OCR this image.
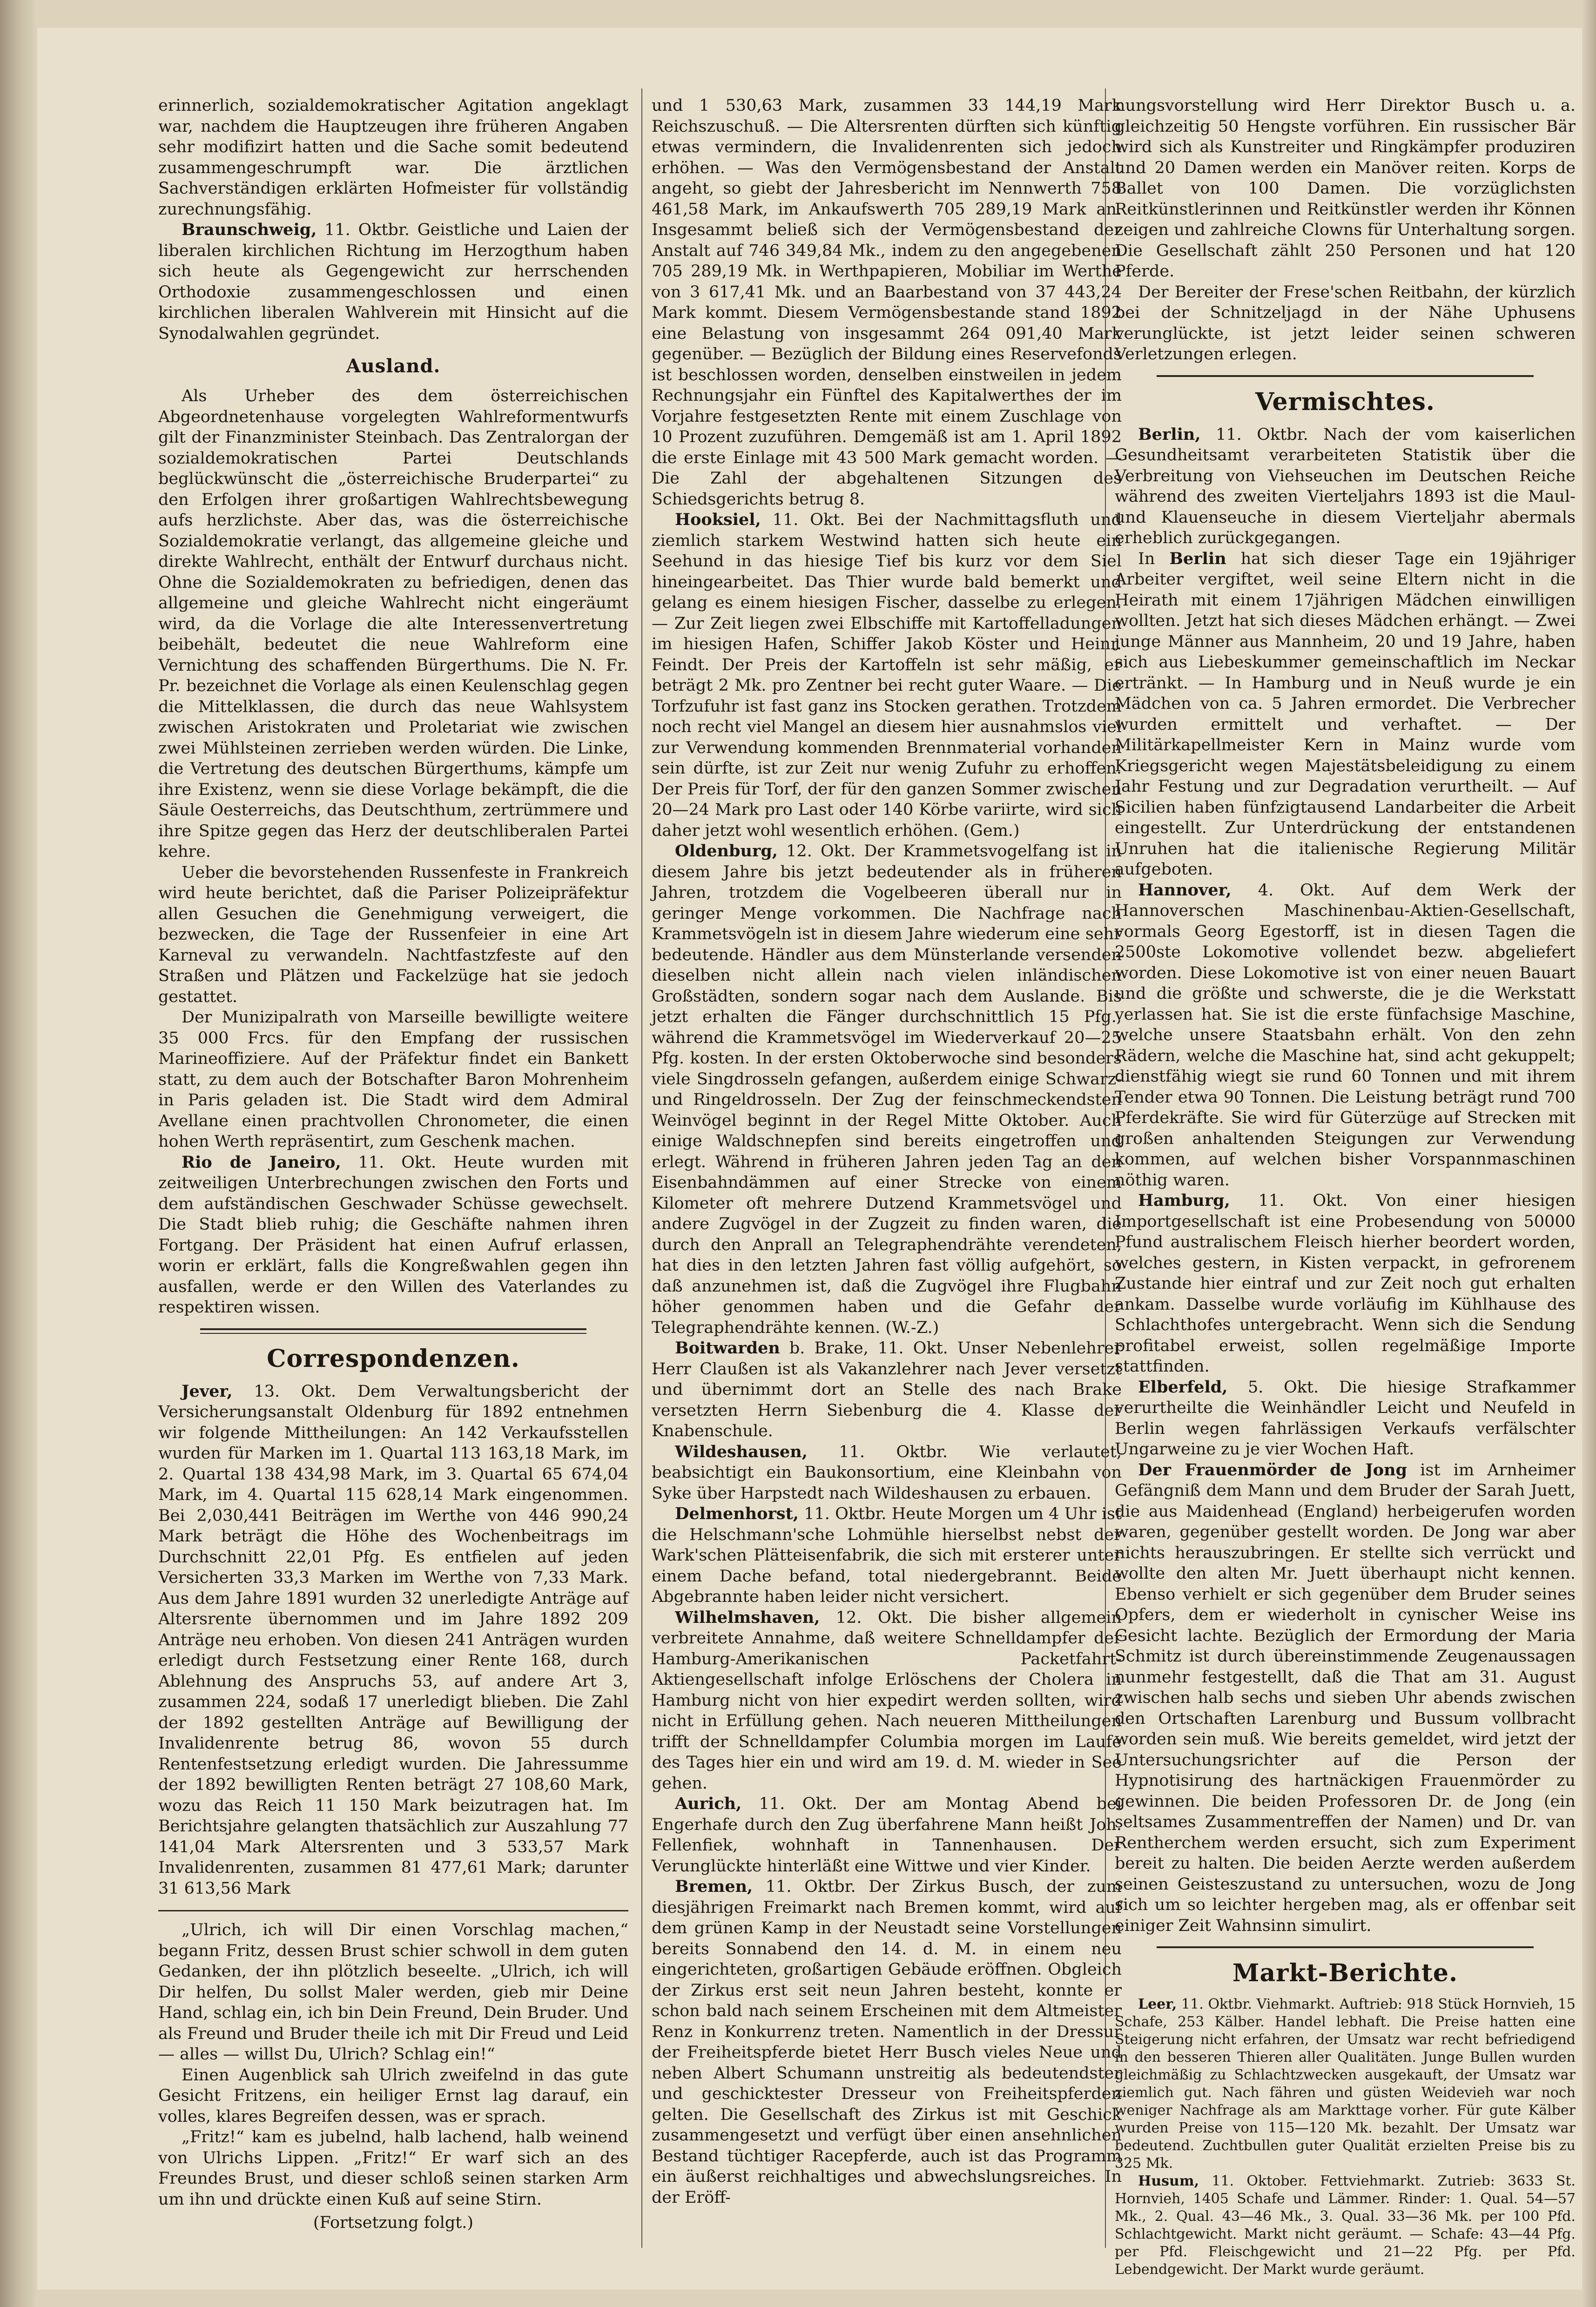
erinnerlich, sozialdemokratischer Agitation angeklagt war, nachdem die Hauptzeugen ihre früheren Angaben sehr modifizirt hatten und die Sache somit bedeutend zusammengeschrumpft war. Die ärztlichen Sachverständigen erklärten Hofmeister für vollständig zurechnungsfähig.

Braunschweig, 11. Oktbr. Geistliche und Laien der liberalen kirchlichen Richtung im Herzogthum haben sich heute als Gegengewicht zur herrschenden Orthodoxie zusammengeschlossen und einen kirchlichen liberalen Wahlverein mit Hinsicht auf die Synodalwahlen gegründet.

Ausland.

Als Urheber des dem österreichischen Abgeordnetenhause vorgelegten Wahlreformentwurfs gilt der Finanzminister Steinbach. Das Zentralorgan der sozialdemokratischen Partei Deutschlands beglückwünscht die „österreichische Bruderpartei“ zu den Erfolgen ihrer großartigen Wahlrechtsbewegung aufs herzlichste. Aber das, was die österreichische Sozialdemokratie verlangt, das allgemeine gleiche und direkte Wahlrecht, enthält der Entwurf durchaus nicht. Ohne die Sozialdemokraten zu befriedigen, denen das allgemeine und gleiche Wahlrecht nicht eingeräumt wird, da die Vorlage die alte Interessenvertretung beibehält, bedeutet die neue Wahlreform eine Vernichtung des schaffenden Bürgerthums. Die N. Fr. Pr. bezeichnet die Vorlage als einen Keulenschlag gegen die Mittelklassen, die durch das neue Wahlsystem zwischen Aristokraten und Proletariat wie zwischen zwei Mühlsteinen zerrieben werden würden. Die Linke, die Vertretung des deutschen Bürgerthums, kämpfe um ihre Existenz, wenn sie diese Vorlage bekämpft, die die Säule Oesterreichs, das Deutschthum, zertrümmere und ihre Spitze gegen das Herz der deutschliberalen Partei kehre.

Ueber die bevorstehenden Russenfeste in Frankreich wird heute berichtet, daß die Pariser Polizeipräfektur allen Gesuchen die Genehmigung verweigert, die bezwecken, die Tage der Russenfeier in eine Art Karneval zu verwandeln. Nachtfastzfeste auf den Straßen und Plätzen und Fackelzüge hat sie jedoch gestattet.

Der Munizipalrath von Marseille bewilligte weitere 35 000 Frcs. für den Empfang der russischen Marineoffiziere. Auf der Präfektur findet ein Bankett statt, zu dem auch der Botschafter Baron Mohrenheim in Paris geladen ist. Die Stadt wird dem Admiral Avellane einen prachtvollen Chronometer, die einen hohen Werth repräsentirt, zum Geschenk machen.

Rio de Janeiro, 11. Okt. Heute wurden mit zeitweiligen Unterbrechungen zwischen den Forts und dem aufständischen Geschwader Schüsse gewechselt. Die Stadt blieb ruhig; die Geschäfte nahmen ihren Fortgang. Der Präsident hat einen Aufruf erlassen, worin er erklärt, falls die Kongreßwahlen gegen ihn ausfallen, werde er den Willen des Vaterlandes zu respektiren wissen.

Correspondenzen.

Jever, 13. Okt. Dem Verwaltungsbericht der Versicherungsanstalt Oldenburg für 1892 entnehmen wir folgende Mittheilungen: An 142 Verkaufsstellen wurden für Marken im 1. Quartal 113 163,18 Mark, im 2. Quartal 138 434,98 Mark, im 3. Quartal 65 674,04 Mark, im 4. Quartal 115 628,14 Mark eingenommen. Bei 2,030,441 Beiträgen im Werthe von 446 990,24 Mark beträgt die Höhe des Wochenbeitrags im Durchschnitt 22,01 Pfg. Es entfielen auf jeden Versicherten 33,3 Marken im Werthe von 7,33 Mark. Aus dem Jahre 1891 wurden 32 unerledigte Anträge auf Altersrente übernommen und im Jahre 1892 209 Anträge neu erhoben. Von diesen 241 Anträgen wurden erledigt durch Festsetzung einer Rente 168, durch Ablehnung des Anspruchs 53, auf andere Art 3, zusammen 224, sodaß 17 unerledigt blieben. Die Zahl der 1892 gestellten Anträge auf Bewilligung der Invalidenrente betrug 86, wovon 55 durch Rentenfestsetzung erledigt wurden. Die Jahressumme der 1892 bewilligten Renten beträgt 27 108,60 Mark, wozu das Reich 11 150 Mark beizutragen hat. Im Berichtsjahre gelangten thatsächlich zur Auszahlung 77 141,04 Mark Altersrenten und 3 533,57 Mark Invalidenrenten, zusammen 81 477,61 Mark; darunter 31 613,56 Mark

„Ulrich, ich will Dir einen Vorschlag machen,“ begann Fritz, dessen Brust schier schwoll in dem guten Gedanken, der ihn plötzlich beseelte. „Ulrich, ich will Dir helfen, Du sollst Maler werden, gieb mir Deine Hand, schlag ein, ich bin Dein Freund, Dein Bruder. Und als Freund und Bruder theile ich mit Dir Freud und Leid — alles — willst Du, Ulrich? Schlag ein!“

Einen Augenblick sah Ulrich zweifelnd in das gute Gesicht Fritzens, ein heiliger Ernst lag darauf, ein volles, klares Begreifen dessen, was er sprach.

„Fritz!“ kam es jubelnd, halb lachend, halb weinend von Ulrichs Lippen. „Fritz!“ Er warf sich an des Freundes Brust, und dieser schloß seinen starken Arm um ihn und drückte einen Kuß auf seine Stirn.

(Fortsetzung folgt.)

und 1 530,63 Mark, zusammen 33 144,19 Mark Reichszuschuß. — Die Altersrenten dürften sich künftig etwas vermindern, die Invalidenrenten sich jedoch erhöhen. — Was den Vermögensbestand der Anstalt angeht, so giebt der Jahresbericht im Nennwerth 758 461,58 Mark, im Ankaufswerth 705 289,19 Mark an. Insgesammt beließ sich der Vermögensbestand der Anstalt auf 746 349,84 Mk., indem zu den angegebenen 705 289,19 Mk. in Werthpapieren, Mobiliar im Werthe von 3 617,41 Mk. und an Baarbestand von 37 443,24 Mark kommt. Diesem Vermögensbestande stand 1892 eine Belastung von insgesammt 264 091,40 Mark gegenüber. — Bezüglich der Bildung eines Reservefonds ist beschlossen worden, denselben einstweilen in jedem Rechnungsjahr ein Fünftel des Kapitalwerthes der im Vorjahre festgesetzten Rente mit einem Zuschlage von 10 Prozent zuzuführen. Demgemäß ist am 1. April 1892 die erste Einlage mit 43 500 Mark gemacht worden. — Die Zahl der abgehaltenen Sitzungen des Schiedsgerichts betrug 8.

Hooksiel, 11. Okt. Bei der Nachmittagsfluth und ziemlich starkem Westwind hatten sich heute ein Seehund in das hiesige Tief bis kurz vor dem Siel hineingearbeitet. Das Thier wurde bald bemerkt und gelang es einem hiesigen Fischer, dasselbe zu erlegen. — Zur Zeit liegen zwei Elbschiffe mit Kartoffelladungen im hiesigen Hafen, Schiffer Jakob Köster und Heinr. Feindt. Der Preis der Kartoffeln ist sehr mäßig, er beträgt 2 Mk. pro Zentner bei recht guter Waare. — Die Torfzufuhr ist fast ganz ins Stocken gerathen. Trotzdem noch recht viel Mangel an diesem hier ausnahmslos viel zur Verwendung kommenden Brennmaterial vorhanden sein dürfte, ist zur Zeit nur wenig Zufuhr zu erhoffen. Der Preis für Torf, der für den ganzen Sommer zwischen 20—24 Mark pro Last oder 140 Körbe variirte, wird sich daher jetzt wohl wesentlich erhöhen. (Gem.)

Oldenburg, 12. Okt. Der Krammetsvogelfang ist in diesem Jahre bis jetzt bedeutender als in früheren Jahren, trotzdem die Vogelbeeren überall nur in geringer Menge vorkommen. Die Nachfrage nach Krammetsvögeln ist in diesem Jahre wiederum eine sehr bedeutende. Händler aus dem Münsterlande versenden dieselben nicht allein nach vielen inländischen Großstädten, sondern sogar nach dem Auslande. Bis jetzt erhalten die Fänger durchschnittlich 15 Pfg., während die Krammetsvögel im Wiederverkauf 20—25 Pfg. kosten. In der ersten Oktoberwoche sind besonders viele Singdrosseln gefangen, außerdem einige Schwarz- und Ringeldrosseln. Der Zug der feinschmeckendsten Weinvögel beginnt in der Regel Mitte Oktober. Auch einige Waldschnepfen sind bereits eingetroffen und erlegt. Während in früheren Jahren jeden Tag an den Eisenbahndämmen auf einer Strecke von einem Kilometer oft mehrere Dutzend Krammetsvögel und andere Zugvögel in der Zugzeit zu finden waren, die durch den Anprall an Telegraphendrähte verendeten, hat dies in den letzten Jahren fast völlig aufgehört, so daß anzunehmen ist, daß die Zugvögel ihre Flugbahn höher genommen haben und die Gefahr der Telegraphendrähte kennen. (W.-Z.)

Boitwarden b. Brake, 11. Okt. Unser Nebenlehrer Herr Claußen ist als Vakanzlehrer nach Jever versetzt und übernimmt dort an Stelle des nach Brake versetzten Herrn Siebenburg die 4. Klasse der Knabenschule.

Wildeshausen, 11. Oktbr. Wie verlautet, beabsichtigt ein Baukonsortium, eine Kleinbahn von Syke über Harpstedt nach Wildeshausen zu erbauen.

Delmenhorst, 11. Oktbr. Heute Morgen um 4 Uhr ist die Helschmann'sche Lohmühle hierselbst nebst der Wark'schen Plätteisenfabrik, die sich mit ersterer unter einem Dache befand, total niedergebrannt. Beide Abgebrannte haben leider nicht versichert.

Wilhelmshaven, 12. Okt. Die bisher allgemein verbreitete Annahme, daß weitere Schnelldampfer der Hamburg-Amerikanischen Packetfahrt-Aktiengesellschaft infolge Erlöschens der Cholera in Hamburg nicht von hier expedirt werden sollten, wird nicht in Erfüllung gehen. Nach neueren Mittheilungen trifft der Schnelldampfer Columbia morgen im Laufe des Tages hier ein und wird am 19. d. M. wieder in See gehen.

Aurich, 11. Okt. Der am Montag Abend bei Engerhafe durch den Zug überfahrene Mann heißt Joh. Fellenfiek, wohnhaft in Tannenhausen. Der Verunglückte hinterläßt eine Wittwe und vier Kinder.

Bremen, 11. Oktbr. Der Zirkus Busch, der zum diesjährigen Freimarkt nach Bremen kommt, wird auf dem grünen Kamp in der Neustadt seine Vorstellungen bereits Sonnabend den 14. d. M. in einem neu eingerichteten, großartigen Gebäude eröffnen. Obgleich der Zirkus erst seit neun Jahren besteht, konnte er schon bald nach seinem Erscheinen mit dem Altmeister Renz in Konkurrenz treten. Namentlich in der Dressur der Freiheitspferde bietet Herr Busch vieles Neue und neben Albert Schumann unstreitig als bedeutendster und geschicktester Dresseur von Freiheitspferden gelten. Die Gesellschaft des Zirkus ist mit Geschick zusammengesetzt und verfügt über einen ansehnlichen Bestand tüchtiger Racepferde, auch ist das Programm ein äußerst reichhaltiges und abwechslungsreiches. In der Eröff-

nungsvorstellung wird Herr Direktor Busch u. a. gleichzeitig 50 Hengste vorführen. Ein russischer Bär wird sich als Kunstreiter und Ringkämpfer produziren und 20 Damen werden ein Manöver reiten. Korps de Ballet von 100 Damen. Die vorzüglichsten Reitkünstlerinnen und Reitkünstler werden ihr Können zeigen und zahlreiche Clowns für Unterhaltung sorgen. Die Gesellschaft zählt 250 Personen und hat 120 Pferde.

Der Bereiter der Frese'schen Reitbahn, der kürzlich bei der Schnitzeljagd in der Nähe Uphusens verunglückte, ist jetzt leider seinen schweren Verletzungen erlegen.

Vermischtes.

Berlin, 11. Oktbr. Nach der vom kaiserlichen Gesundheitsamt verarbeiteten Statistik über die Verbreitung von Viehseuchen im Deutschen Reiche während des zweiten Vierteljahrs 1893 ist die Maul- und Klauenseuche in diesem Vierteljahr abermals erheblich zurückgegangen.

In Berlin hat sich dieser Tage ein 19jähriger Arbeiter vergiftet, weil seine Eltern nicht in die Heirath mit einem 17jährigen Mädchen einwilligen wollten. Jetzt hat sich dieses Mädchen erhängt. — Zwei junge Männer aus Mannheim, 20 und 19 Jahre, haben sich aus Liebeskummer gemeinschaftlich im Neckar ertränkt. — In Hamburg und in Neuß wurde je ein Mädchen von ca. 5 Jahren ermordet. Die Verbrecher wurden ermittelt und verhaftet. — Der Militärkapellmeister Kern in Mainz wurde vom Kriegsgericht wegen Majestätsbeleidigung zu einem Jahr Festung und zur Degradation verurtheilt. — Auf Sicilien haben fünfzigtausend Landarbeiter die Arbeit eingestellt. Zur Unterdrückung der entstandenen Unruhen hat die italienische Regierung Militär aufgeboten.

Hannover, 4. Okt. Auf dem Werk der Hannoverschen Maschinenbau-Aktien-Gesellschaft, vormals Georg Egestorff, ist in diesen Tagen die 2500ste Lokomotive vollendet bezw. abgeliefert worden. Diese Lokomotive ist von einer neuen Bauart und die größte und schwerste, die je die Werkstatt verlassen hat. Sie ist die erste fünfachsige Maschine, welche unsere Staatsbahn erhält. Von den zehn Rädern, welche die Maschine hat, sind acht gekuppelt; dienstfähig wiegt sie rund 60 Tonnen und mit ihrem Tender etwa 90 Tonnen. Die Leistung beträgt rund 700 Pferdekräfte. Sie wird für Güterzüge auf Strecken mit großen anhaltenden Steigungen zur Verwendung kommen, auf welchen bisher Vorspannmaschinen nöthig waren.

Hamburg, 11. Okt. Von einer hiesigen Importgesellschaft ist eine Probesendung von 50000 Pfund australischem Fleisch hierher beordert worden, welches gestern, in Kisten verpackt, in gefrorenem Zustande hier eintraf und zur Zeit noch gut erhalten ankam. Dasselbe wurde vorläufig im Kühlhause des Schlachthofes untergebracht. Wenn sich die Sendung profitabel erweist, sollen regelmäßige Importe stattfinden.

Elberfeld, 5. Okt. Die hiesige Strafkammer verurtheilte die Weinhändler Leicht und Neufeld in Berlin wegen fahrlässigen Verkaufs verfälschter Ungarweine zu je vier Wochen Haft.

Der Frauenmörder de Jong ist im Arnheimer Gefängniß dem Mann und dem Bruder der Sarah Juett, die aus Maidenhead (England) herbeigerufen worden waren, gegenüber gestellt worden. De Jong war aber nichts herauszubringen. Er stellte sich verrückt und wollte den alten Mr. Juett überhaupt nicht kennen. Ebenso verhielt er sich gegenüber dem Bruder seines Opfers, dem er wiederholt in cynischer Weise ins Gesicht lachte. Bezüglich der Ermordung der Maria Schmitz ist durch übereinstimmende Zeugenaussagen nunmehr festgestellt, daß die That am 31. August zwischen halb sechs und sieben Uhr abends zwischen den Ortschaften Larenburg und Bussum vollbracht worden sein muß. Wie bereits gemeldet, wird jetzt der Untersuchungsrichter auf die Person der Hypnotisirung des hartnäckigen Frauenmörder zu gewinnen. Die beiden Professoren Dr. de Jong (ein seltsames Zusammentreffen der Namen) und Dr. van Rentherchem werden ersucht, sich zum Experiment bereit zu halten. Die beiden Aerzte werden außerdem seinen Geisteszustand zu untersuchen, wozu de Jong sich um so leichter hergeben mag, als er offenbar seit einiger Zeit Wahnsinn simulirt.

Markt-Berichte.

Leer, 11. Oktbr. Viehmarkt. Auftrieb: 918 Stück Hornvieh, 15 Schafe, 253 Kälber. Handel lebhaft. Die Preise hatten eine Steigerung nicht erfahren, der Umsatz war recht befriedigend in den besseren Thieren aller Qualitäten. Junge Bullen wurden gleichmäßig zu Schlachtzwecken ausgekauft, der Umsatz war ziemlich gut. Nach fähren und güsten Weidevieh war noch weniger Nachfrage als am Markttage vorher. Für gute Kälber wurden Preise von 115—120 Mk. bezahlt. Der Umsatz war bedeutend. Zuchtbullen guter Qualität erzielten Preise bis zu 325 Mk.

Husum, 11. Oktober. Fettviehmarkt. Zutrieb: 3633 St. Hornvieh, 1405 Schafe und Lämmer. Rinder: 1. Qual. 54—57 Mk., 2. Qual. 43—46 Mk., 3. Qual. 33—36 Mk. per 100 Pfd. Schlachtgewicht. Markt nicht geräumt. — Schafe: 43—44 Pfg. per Pfd. Fleischgewicht und 21—22 Pfg. per Pfd. Lebendgewicht. Der Markt wurde geräumt.
